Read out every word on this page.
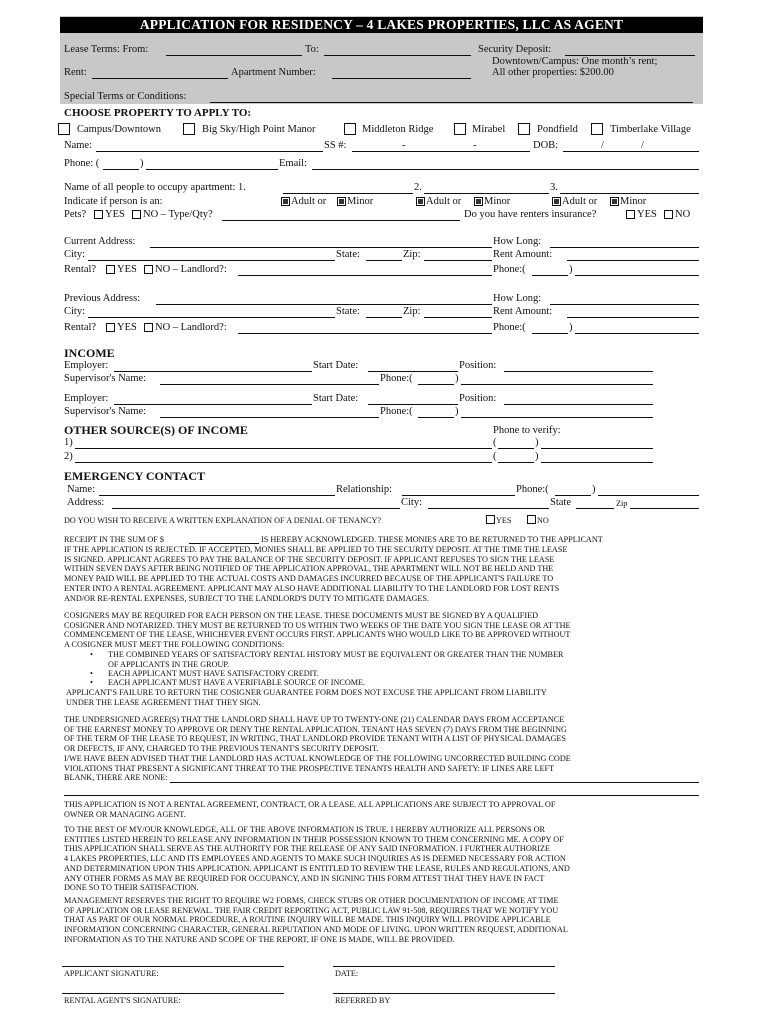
APPLICATION FOR RESIDENCY – 4 LAKES PROPERTIES, LLC AS AGENT
Lease Terms: From:	To:	Security Deposit:
Downtown/Campus: One month’s rent;
All other properties: $200.00
Rent:	Apartment Number:
Special Terms or Conditions:
CHOOSE PROPERTY TO APPLY TO:
Campus/Downtown	Big Sky/High Point Manor	Middleton Ridge	Mirabel	Pondfield	Timberlake Village
Name:	SS #:	-	-	DOB:	/	/
Phone: (	)	Email:
Name of all people to occupy apartment: 1.	2.	3.
Indicate if person is an:	Adult or Minor	Adult or Minor	Adult or Minor
Pets? YES NO – Type/Qty?	Do you have renters insurance?	YES NO
Current Address:	How Long:
City:	State:	Zip:	Rent Amount:
Rental? YES NO – Landlord?:	Phone:(	)
Previous Address:	How Long:
City:	State:	Zip:	Rent Amount:
Rental? YES NO – Landlord?:	Phone:(	)
INCOME
Employer:	Start Date:	Position:
Supervisor's Name:	Phone:(	)
Employer:	Start Date:	Position:
Supervisor's Name:	Phone:(	)
OTHER SOURCE(S) OF INCOME	Phone to verify:
1)	(	)
2)	(	)
EMERGENCY CONTACT
Name:	Relationship:	Phone:(	)
Address:	City:	State	Zip
DO YOU WISH TO RECEIVE A WRITTEN EXPLANATION OF A DENIAL OF TENANCY?	YES	NO
RECEIPT IN THE SUM OF $	IS HEREBY ACKNOWLEDGED. THESE MONIES ARE TO BE RETURNED TO THE APPLICANT
IF THE APPLICATION IS REJECTED. IF ACCEPTED, MONIES SHALL BE APPLIED TO THE SECURITY DEPOSIT. AT THE TIME THE LEASE
IS SIGNED. APPLICANT AGREES TO PAY THE BALANCE OF THE SECURITY DEPOSIT. IF APPLICANT REFUSES TO SIGN THE LEASE
WITHIN SEVEN DAYS AFTER BEING NOTIFIED OF THE APPLICATION APPROVAL, THE APARTMENT WILL NOT BE HELD AND THE
MONEY PAID WILL BE APPLIED TO THE ACTUAL COSTS AND DAMAGES INCURRED BECAUSE OF THE APPLICANT'S FAILURE TO
ENTER INTO A RENTAL AGREEMENT. APPLICANT MAY ALSO HAVE ADDITIONAL LIABILITY TO THE LANDLORD FOR LOST RENTS
AND/OR RE-RENTAL EXPENSES, SUBJECT TO THE LANDLORD'S DUTY TO MITIGATE DAMAGES.
COSIGNERS MAY BE REQUIRED FOR EACH PERSON ON THE LEASE. THESE DOCUMENTS MUST BE SIGNED BY A QUALIFIED
COSIGNER AND NOTARIZED. THEY MUST BE RETURNED TO US WITHIN TWO WEEKS OF THE DATE YOU SIGN THE LEASE OR AT THE
COMMENCEMENT OF THE LEASE, WHICHEVER EVENT OCCURS FIRST. APPLICANTS WHO WOULD LIKE TO BE APPROVED WITHOUT
A COSIGNER MUST MEET THE FOLLOWING CONDITIONS:
• THE COMBINED YEARS OF SATISFACTORY RENTAL HISTORY MUST BE EQUIVALENT OR GREATER THAN THE NUMBER
OF APPLICANTS IN THE GROUP.
• EACH APPLICANT MUST HAVE SATISFACTORY CREDIT.
• EACH APPLICANT MUST HAVE A VERIFIABLE SOURCE OF INCOME.
APPLICANT'S FAILURE TO RETURN THE COSIGNER GUARANTEE FORM DOES NOT EXCUSE THE APPLICANT FROM LIABILITY
UNDER THE LEASE AGREEMENT THAT THEY SIGN.
THE UNDERSIGNED AGREE(S) THAT THE LANDLORD SHALL HAVE UP TO TWENTY-ONE (21) CALENDAR DAYS FROM ACCEPTANCE
OF THE EARNEST MONEY TO APPROVE OR DENY THE RENTAL APPLICATION. TENANT HAS SEVEN (7) DAYS FROM THE BEGINNING
OF THE TERM OF THE LEASE TO REQUEST, IN WRITING, THAT LANDLORD PROVIDE TENANT WITH A LIST OF PHYSICAL DAMAGES
OR DEFECTS, IF ANY, CHARGED TO THE PREVIOUS TENANT'S SECURITY DEPOSIT.
I/WE HAVE BEEN ADVISED THAT THE LANDLORD HAS ACTUAL KNOWLEDGE OF THE FOLLOWING UNCORRECTED BUILDING CODE
VIOLATIONS THAT PRESENT A SIGNIFICANT THREAT TO THE PROSPECTIVE TENANTS HEALTH AND SAFETY: IF LINES ARE LEFT
BLANK, THERE ARE NONE:
THIS APPLICATION IS NOT A RENTAL AGREEMENT, CONTRACT, OR A LEASE. ALL APPLICATIONS ARE SUBJECT TO APPROVAL OF
OWNER OR MANAGING AGENT.
TO THE BEST OF MY/OUR KNOWLEDGE, ALL OF THE ABOVE INFORMATION IS TRUE. I HEREBY AUTHORIZE ALL PERSONS OR
ENTITIES LISTED HEREIN TO RELEASE ANY INFORMATION IN THEIR POSSESSION KNOWN TO THEM CONCERNING ME. A COPY OF
THIS APPLICATION SHALL SERVE AS THE AUTHORITY FOR THE RELEASE OF ANY SAID INFORMATION. I FURTHER AUTHORIZE
4 LAKES PROPERTIES, LLC AND ITS EMPLOYEES AND AGENTS TO MAKE SUCH INQUIRIES AS IS DEEMED NECESSARY FOR ACTION
AND DETERMINATION UPON THIS APPLICATION. APPLICANT IS ENTITLED TO REVIEW THE LEASE, RULES AND REGULATIONS, AND
ANY OTHER FORMS AS MAY BE REQUIRED FOR OCCUPANCY, AND IN SIGNING THIS FORM ATTEST THAT THEY HAVE IN FACT
DONE SO TO THEIR SATISFACTION.
MANAGEMENT RESERVES THE RIGHT TO REQUIRE W2 FORMS, CHECK STUBS OR OTHER DOCUMENTATION OF INCOME AT TIME
OF APPLICATION OR LEASE RENEWAL. THE FAIR CREDIT REPORTING ACT, PUBLIC LAW 91-508, REQUIRES THAT WE NOTIFY YOU
THAT AS PART OF OUR NORMAL PROCEDURE, A ROUTINE INQUIRY WILL BE MADE. THIS INQUIRY WILL PROVIDE APPLICABLE
INFORMATION CONCERNING CHARACTER, GENERAL REPUTATION AND MODE OF LIVING. UPON WRITTEN REQUEST, ADDITIONAL
INFORMATION AS TO THE NATURE AND SCOPE OF THE REPORT, IF ONE IS MADE, WILL BE PROVIDED.
APPLICANT SIGNATURE:	DATE:
RENTAL AGENT'S SIGNATURE:	REFERRED BY
